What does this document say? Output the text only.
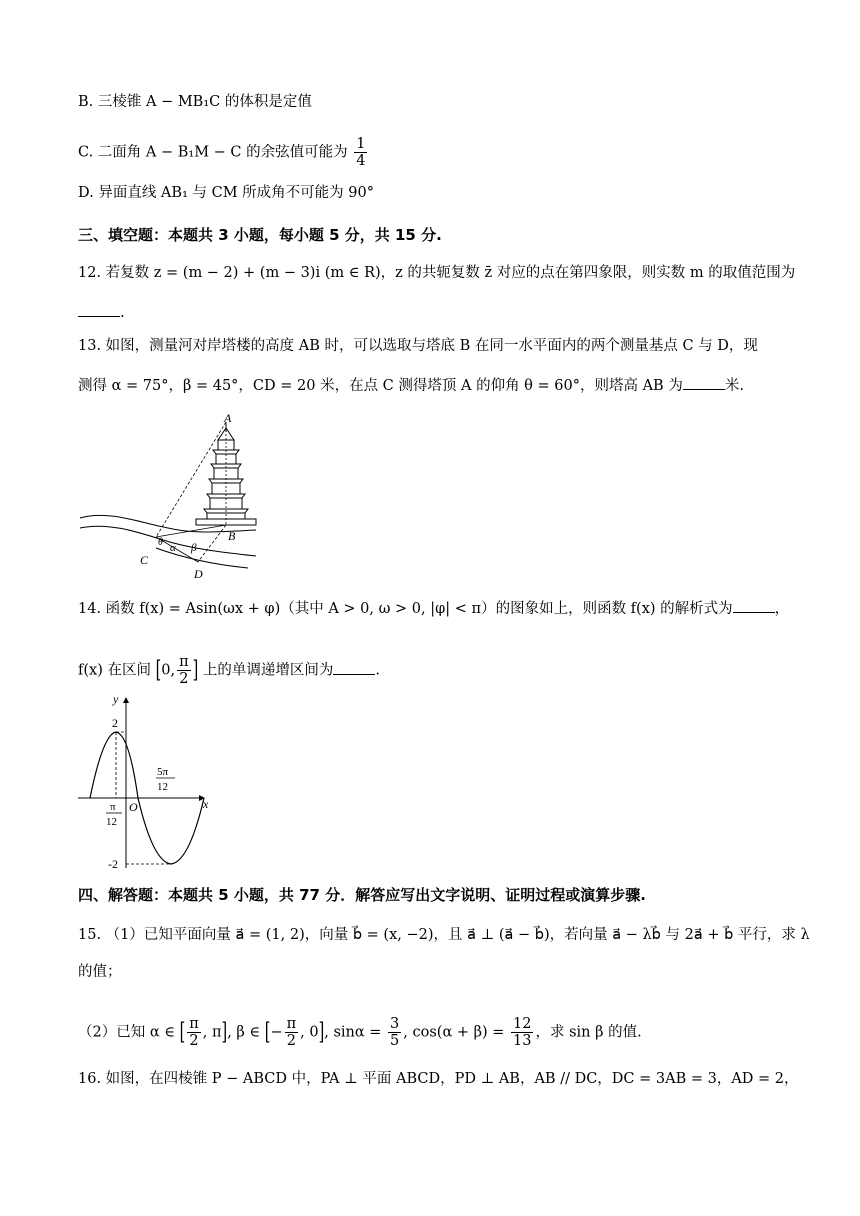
B. 三棱锥 A − MB₁C 的体积是定值
C. 二面角 A − B₁M − C 的余弦值可能为 $\frac{1}{4}$
D. 异面直线 AB₁ 与 CM 所成角不可能为 90°
三、填空题：本题共 3 小题，每小题 5 分，共 15 分.
12. 若复数 z = (m − 2) + (m − 3)i (m ∈ R)，z 的共轭复数 z̄ 对应的点在第四象限，则实数 m 的取值范围为
.
13. 如图，测量河对岸塔楼的高度 AB 时，可以选取与塔底 B 在同一水平面内的两个测量基点 C 与 D，现
测得 α = 75°，β = 45°，CD = 20 米，在点 C 测得塔顶 A 的仰角 θ = 60°，则塔高 AB 为	米.
A
B
C
D
α β
θ
14. 函数 f(x) = Asin(ωx + φ)（其中 A > 0, ω > 0, |φ| < π）的图象如上，则函数 f(x) 的解析式为	，
f(x) 在区间 [0, $\frac{\pi}{2}$ ] 上的单调递增区间为	.
y
x
O
2
-2
π
12
5π
12
四、解答题：本题共 5 小题，共 77 分．解答应写出文字说明、证明过程或演算步骤.
15. （1）已知平面向量 a⃗ = (1, 2)，向量 b⃗ = (x, −2)，且 a⃗ ⊥ (a⃗ − b⃗)，若向量 a⃗ − λb⃗ 与 2a⃗ + b⃗ 平行，求 λ
的值；
（2）已知 α ∈ [ $\frac{\pi}{2}$ , π], β ∈ [− $\frac{\pi}{2}$ , 0], $\sin\alpha = \frac{3}{5}$ , $\cos(\alpha + \beta) = \frac{12}{13}$ ，求 sin β 的值.
16. 如图，在四棱锥 P − ABCD 中，PA ⊥ 平面 ABCD，PD ⊥ AB，AB // DC，DC = 3AB = 3，AD = 2，
